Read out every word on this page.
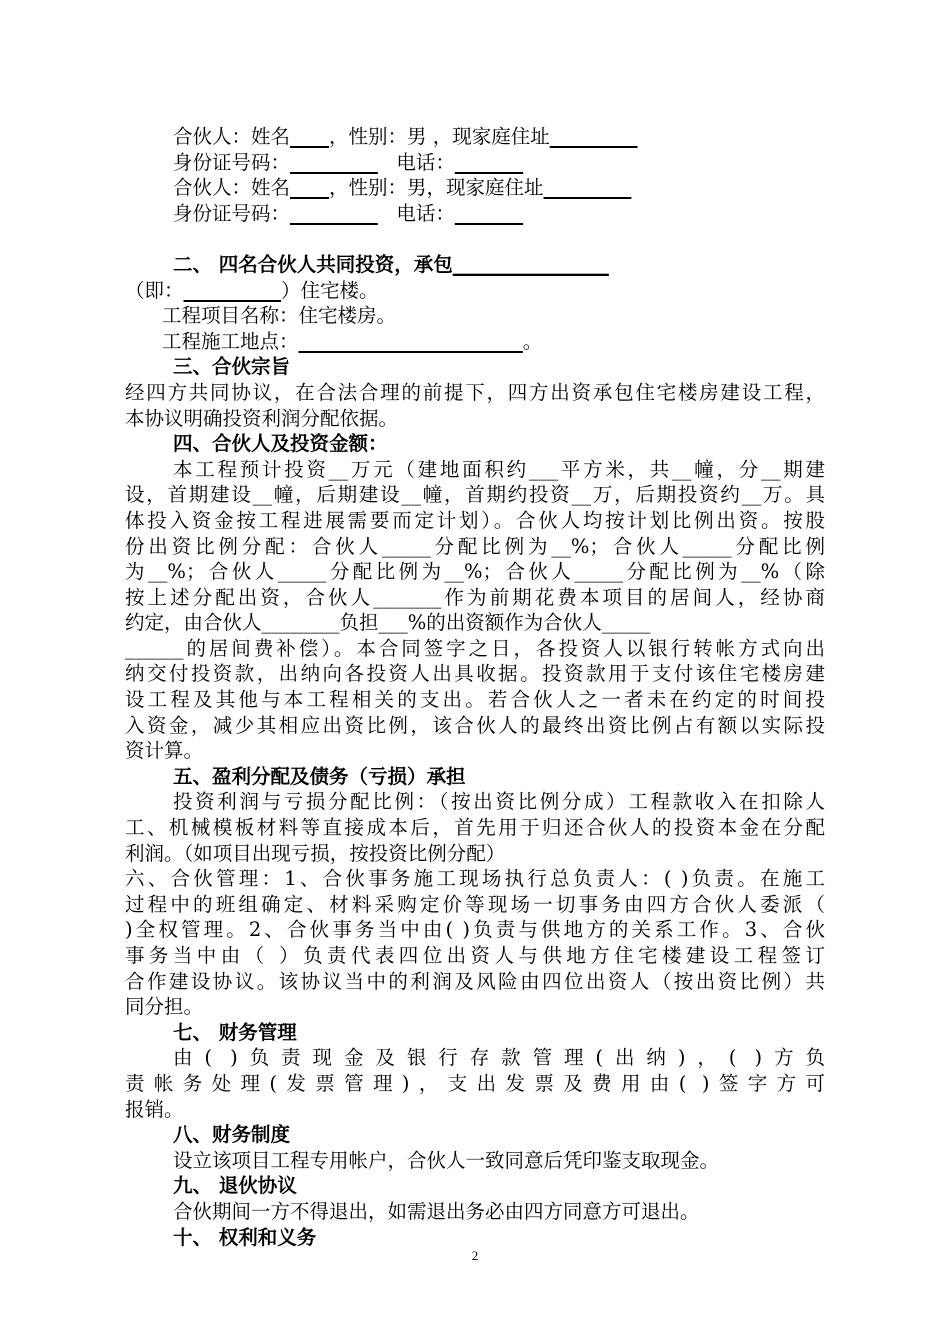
合伙人：姓名____，性别：男 ，现家庭住址_________
身份证号码：_________   电话：_______
合伙人：姓名____，性别：男，现家庭住址_________
身份证号码：_________   电话：_______
二、 四名合伙人共同投资，承包________________
（即：__________）住宅楼。
工程项目名称：住宅楼房。
工程施工地点：_______________________。
三、合伙宗旨
经四方共同协议，在合法合理的前提下，四方出资承包住宅楼房建设工程，
本协议明确投资利润分配依据。
四、合伙人及投资金额：
本工程预计投资__万元（建地面积约___平方米，共__幢，分__期建
设，首期建设__幢，后期建设__幢，首期约投资__万，后期投资约__万。具
体投入资金按工程进展需要而定计划）。合伙人均按计划比例出资。按股
份出资比例分配：合伙人_____分配比例为__%；合伙人_____分配比例
为__%；合伙人_____分配比例为__%；合伙人_____分配比例为__%（除
按上述分配出资，合伙人_______作为前期花费本项目的居间人，经协商
约定，由合伙人________负担___%的出资额作为合伙人_____
______的居间费补偿）。本合同签字之日，各投资人以银行转帐方式向出
纳交付投资款，出纳向各投资人出具收据。投资款用于支付该住宅楼房建
设工程及其他与本工程相关的支出。若合伙人之一者未在约定的时间投
入资金，减少其相应出资比例，该合伙人的最终出资比例占有额以实际投
资计算。
五、盈利分配及债务（亏损）承担
投资利润与亏损分配比例：（按出资比例分成）工程款收入在扣除人
工、机械模板材料等直接成本后，首先用于归还合伙人的投资本金在分配
利润。（如项目出现亏损，按投资比例分配）
六、合伙管理：1、合伙事务施工现场执行总负责人：( )负责。在施工
过程中的班组确定、材料采购定价等现场一切事务由四方合伙人委派（
)全权管理。2、合伙事务当中由( )负责与供地方的关系工作。3、合伙
事务当中由（ ）负责代表四位出资人与供地方住宅楼建设工程签订
合作建设协议。该协议当中的利润及风险由四位出资人（按出资比例）共
同分担。
七、 财务管理
由( )负责现金及银行存款管理(出纳)，( )方负
责帐务处理(发票管理)，支出发票及费用由( )签字方可
报销。
八、财务制度
设立该项目工程专用帐户，合伙人一致同意后凭印鉴支取现金。
九、 退伙协议
合伙期间一方不得退出，如需退出务必由四方同意方可退出。
十、 权利和义务
2
